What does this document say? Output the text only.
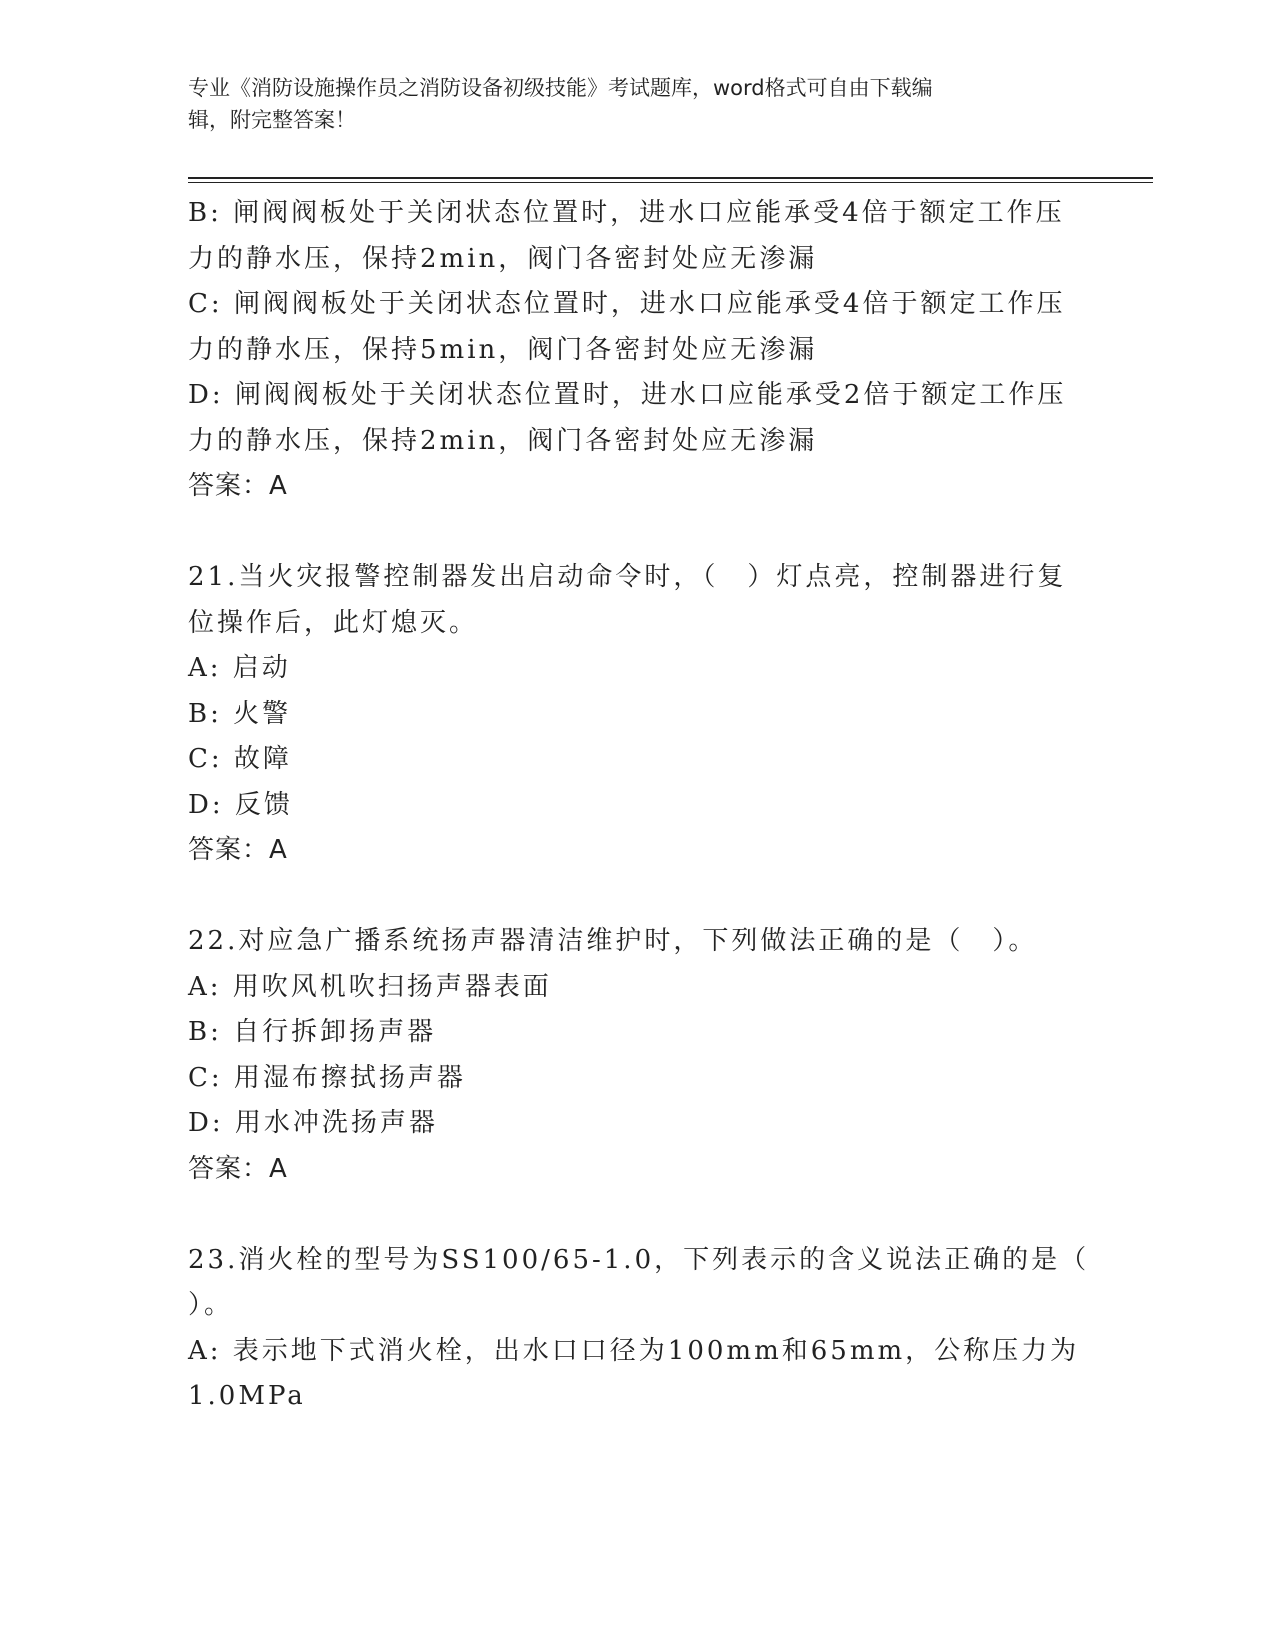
专业《消防设施操作员之消防设备初级技能》考试题库，word格式可自由下载编
辑，附完整答案！
B: 闸阀阀板处于关闭状态位置时，进水口应能承受4倍于额定工作压
力的静水压，保持2min，阀门各密封处应无渗漏
C: 闸阀阀板处于关闭状态位置时，进水口应能承受4倍于额定工作压
力的静水压，保持5min，阀门各密封处应无渗漏
D: 闸阀阀板处于关闭状态位置时，进水口应能承受2倍于额定工作压
力的静水压，保持2min，阀门各密封处应无渗漏
答案：A
21.当火灾报警控制器发出启动命令时，（　）灯点亮，控制器进行复
位操作后，此灯熄灭。
A: 启动
B: 火警
C: 故障
D: 反馈
答案：A
22.对应急广播系统扬声器清洁维护时，下列做法正确的是（　）。
A: 用吹风机吹扫扬声器表面
B: 自行拆卸扬声器
C: 用湿布擦拭扬声器
D: 用水冲洗扬声器
答案：A
23.消火栓的型号为SS100/65-1.0，下列表示的含义说法正确的是（
）。
A: 表示地下式消火栓，出水口口径为100mm和65mm，公称压力为
1.0MPa
